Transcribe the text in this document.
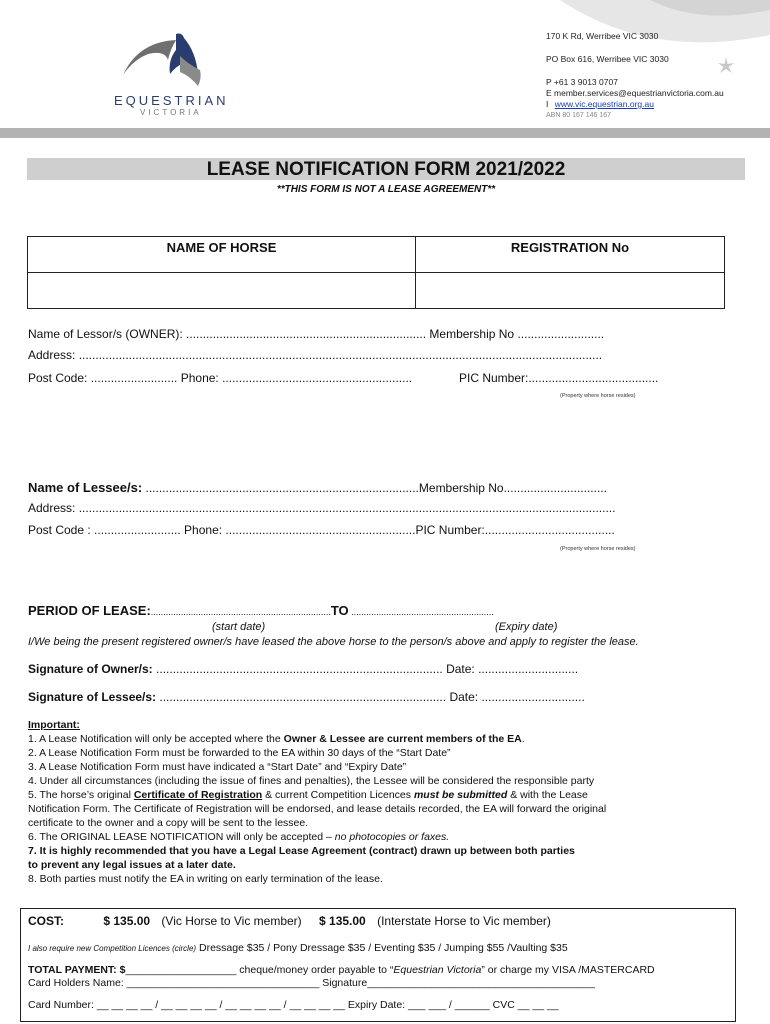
EQUESTRIAN
VICTORIA
170 K Rd, Werribee VIC 3030
PO Box 616, Werribee VIC 3030
P +61 3 9013 0707
E member.services@equestrianvictoria.com.au
I www.vic.equestrian.org.au
ABN 80 167 146 167
LEASE NOTIFICATION FORM 2021/2022
**THIS FORM IS NOT A LEASE AGREEMENT**
NAME OF HORSE	REGISTRATION No

Name of Lessor/s (OWNER): ........................................................................ Membership No ..........................
Address: .............................................................................................................................................................
Post Code: .......................... Phone: .........................................................	PIC Number:.......................................
(Property where horse resides)
Name of Lessee/s: ..................................................................................Membership No...............................
Address: .................................................................................................................................................................
Post Code : .......................... Phone: .........................................................PIC Number:.......................................
(Property where horse resides)
PERIOD OF LEASE:........................................................................TO .........................................................
(start date)	(Expiry date)
I/We being the present registered owner/s have leased the above horse to the person/s above and apply to register the lease.
Signature of Owner/s: ...................................................................................... Date: ..............................
Signature of Lessee/s: ...................................................................................... Date: ...............................
Important:
1. A Lease Notification will only be accepted where the Owner & Lessee are current members of the EA.
2. A Lease Notification Form must be forwarded to the EA within 30 days of the “Start Date”
3. A Lease Notification Form must have indicated a “Start Date” and “Expiry Date”
4. Under all circumstances (including the issue of fines and penalties), the Lessee will be considered the responsible party
5. The horse’s original Certificate of Registration & current Competition Licences must be submitted & with the Lease
Notification Form. The Certificate of Registration will be endorsed, and lease details recorded, the EA will forward the original
certificate to the owner and a copy will be sent to the lessee.
6. The ORIGINAL LEASE NOTIFICATION will only be accepted – no photocopies or faxes.
7. It is highly recommended that you have a Legal Lease Agreement (contract) drawn up between both parties
to prevent any legal issues at a later date.
8. Both parties must notify the EA in writing on early termination of the lease.
COST:	$ 135.00 (Vic Horse to Vic member) $ 135.00 (Interstate Horse to Vic member)
I also require new Competition Licences (circle) Dressage $35 / Pony Dressage $35 / Eventing $35 / Jumping $55 /Vaulting $35
TOTAL PAYMENT: $___________________ cheque/money order payable to “Equestrian Victoria” or charge my VISA /MASTERCARD
Card Holders Name: _________________________________ Signature_______________________________________
Card Number: __ __ __ __ / __ __ __ __ / __ __ __ __ / __ __ __ __ Expiry Date: ___ ___ / ______ CVC __ __ __
